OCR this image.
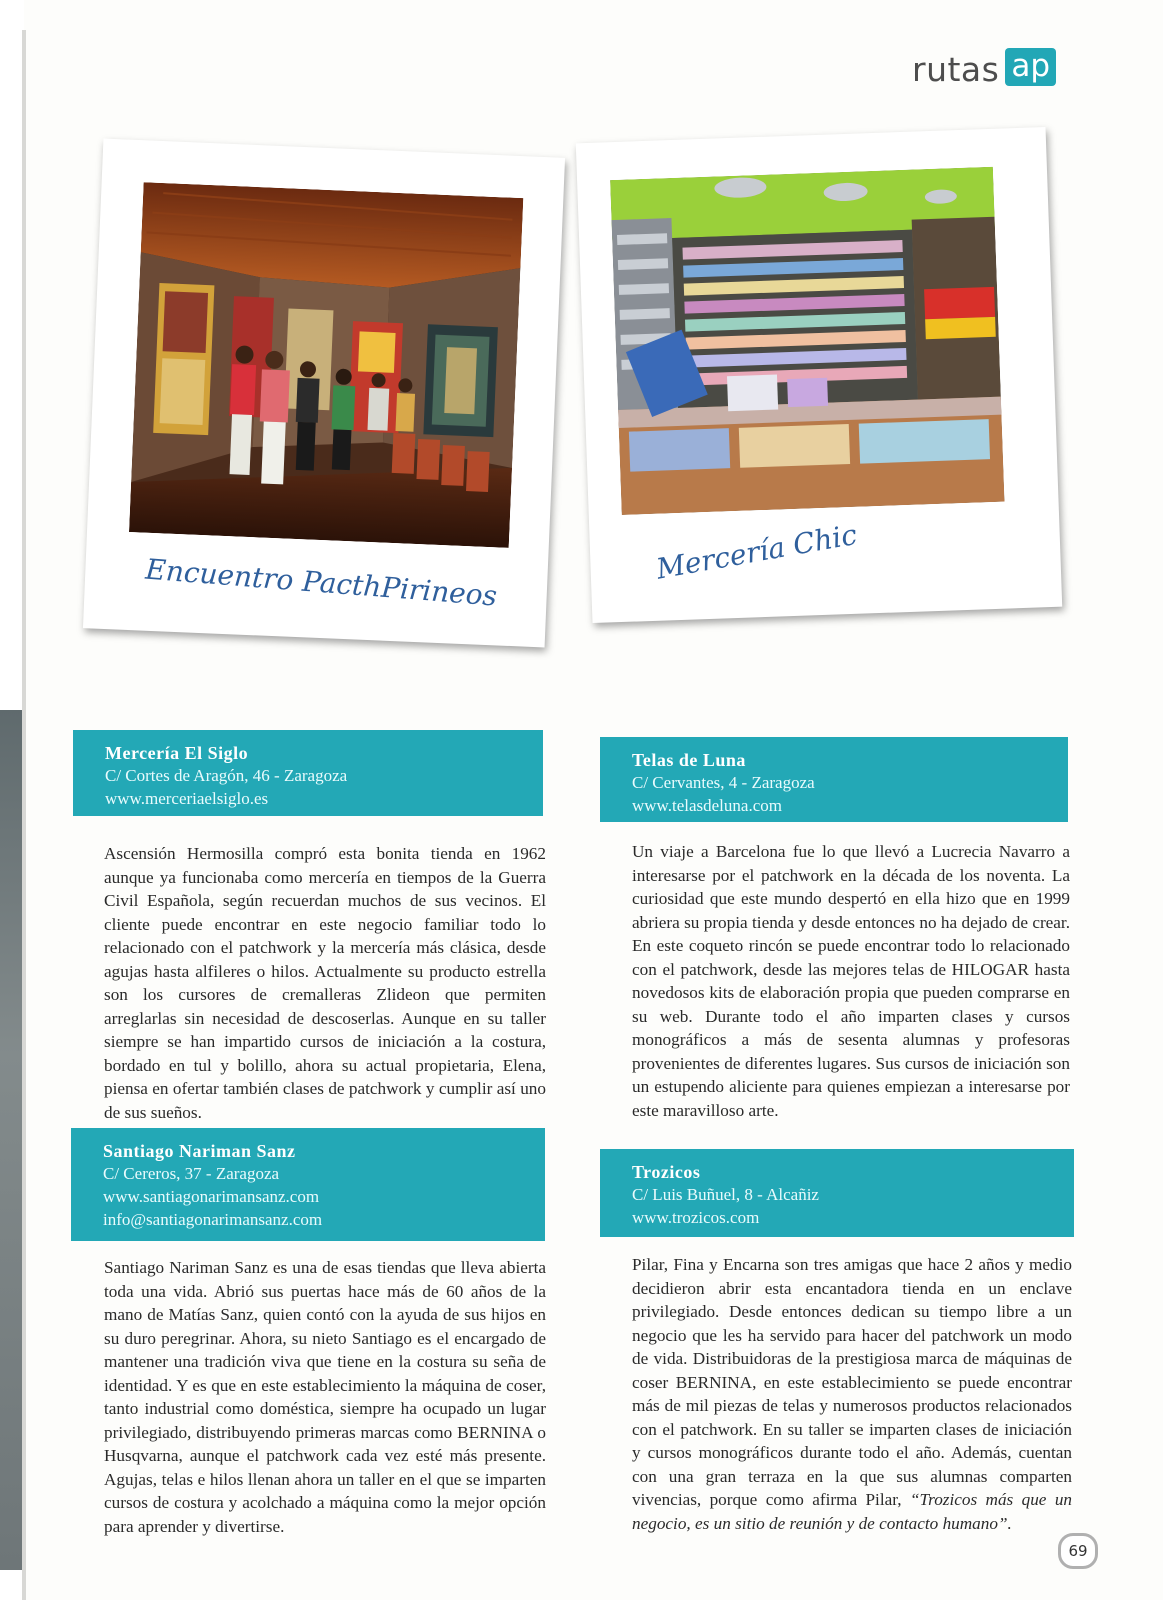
rutas ap
Encuentro PacthPirineos	Mercería Chic
Mercería El Siglo
C/ Cortes de Aragón, 46 - Zaragoza
www.merceriaelsiglo.es

Ascensión Hermosilla compró esta bonita tienda en 1962 aunque ya funcionaba como mercería en tiempos de la Guerra Civil Española, según recuerdan muchos de sus vecinos. El cliente puede encontrar en este negocio familiar todo lo relacionado con el patchwork y la mercería más clásica, desde agujas hasta alfileres o hilos. Actualmente su producto estrella son los cursores de cremalleras Zlideon que permiten arreglarlas sin necesidad de descoserlas. Aunque en su taller siempre se han impartido cursos de iniciación a la costura, bordado en tul y bolillo, ahora su actual propietaria, Elena, piensa en ofertar también clases de patchwork y cumplir así uno de sus sueños.

Telas de Luna
C/ Cervantes, 4 - Zaragoza
www.telasdeluna.com

Un viaje a Barcelona fue lo que llevó a Lucrecia Navarro a interesarse por el patchwork en la década de los noventa. La curiosidad que este mundo despertó en ella hizo que en 1999 abriera su propia tienda y desde entonces no ha dejado de crear. En este coqueto rincón se puede encontrar todo lo relacionado con el patchwork, desde las mejores telas de HILOGAR hasta novedosos kits de elaboración propia que pueden comprarse en su web. Durante todo el año imparten clases y cursos monográficos a más de sesenta alumnas y profesoras provenientes de diferentes lugares. Sus cursos de iniciación son un estupendo aliciente para quienes empiezan a interesarse por este maravilloso arte.

Santiago Nariman Sanz
C/ Cereros, 37 - Zaragoza
www.santiagonarimansanz.com
info@santiagonarimansanz.com

Santiago Nariman Sanz es una de esas tiendas que lleva abierta toda una vida. Abrió sus puertas hace más de 60 años de la mano de Matías Sanz, quien contó con la ayuda de sus hijos en su duro peregrinar. Ahora, su nieto Santiago es el encargado de mantener una tradición viva que tiene en la costura su seña de identidad. Y es que en este establecimiento la máquina de coser, tanto industrial como doméstica, siempre ha ocupado un lugar privilegiado, distribuyendo primeras marcas como BERNINA o Husqvarna, aunque el patchwork cada vez esté más presente. Agujas, telas e hilos llenan ahora un taller en el que se imparten cursos de costura y acolchado a máquina como la mejor opción para aprender y divertirse.

Trozicos
C/ Luis Buñuel, 8 - Alcañiz
www.trozicos.com

Pilar, Fina y Encarna son tres amigas que hace 2 años y medio decidieron abrir esta encantadora tienda en un enclave privilegiado. Desde entonces dedican su tiempo libre a un negocio que les ha servido para hacer del patchwork un modo de vida. Distribuidoras de la prestigiosa marca de máquinas de coser BERNINA, en este establecimiento se puede encontrar más de mil piezas de telas y numerosos productos relacionados con el patchwork. En su taller se imparten clases de iniciación y cursos monográficos durante todo el año. Además, cuentan con una gran terraza en la que sus alumnas comparten vivencias, porque como afirma Pilar, “Trozicos más que un negocio, es un sitio de reunión y de contacto humano”.

69
